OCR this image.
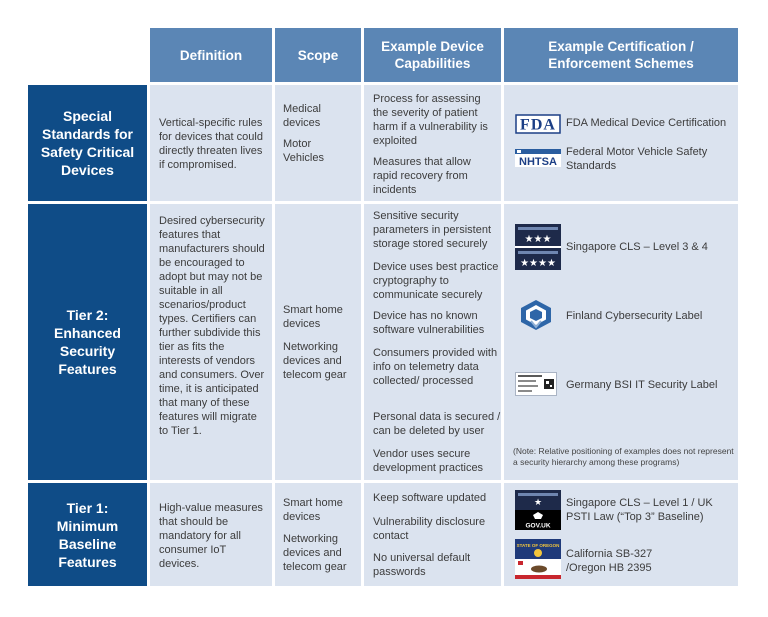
Definition	Scope
Example Device Capabilities
Example Certification / Enforcement Schemes
Special Standards for Safety Critical Devices
Vertical-specific rules for devices that could directly threaten lives if compromised.
Medical devices
Motor Vehicles
Process for assessing the severity of patient harm if a vulnerability is exploited
Measures that allow rapid recovery from incidents
FDA FDA Medical Device Certification
NHTSA
Federal Motor Vehicle Safety Standards
Tier 2: Enhanced Security Features
Desired cybersecurity features that manufacturers should be encouraged to adopt but may not be suitable in all scenarios/product types. Certifiers can further subdivide this tier as fits the interests of vendors and consumers. Over time, it is anticipated that many of these features will migrate to Tier 1.
Smart home devices
Networking devices and telecom gear
Sensitive security parameters in persistent storage stored securely
Device uses best practice cryptography to communicate securely
Device has no known software vulnerabilities
Consumers provided with info on telemetry data collected/ processed
Personal data is secured / can be deleted by user
Vendor uses secure development practices
★★★
★★★★
Singapore CLS – Level 3 & 4
Finland Cybersecurity Label
Germany BSI IT Security Label
(Note: Relative positioning of examples does not represent a security hierarchy among these programs)
Tier 1: Minimum Baseline Features
High-value measures that should be mandatory for all consumer IoT devices.
Smart home devices
Networking devices and telecom gear
Keep software updated
Vulnerability disclosure contact
No universal default passwords
★
GOV.UK
Singapore CLS – Level 1 / UK PSTI Law (“Top 3” Baseline)
STATE OF OREGON
California SB-327 /Oregon HB 2395
